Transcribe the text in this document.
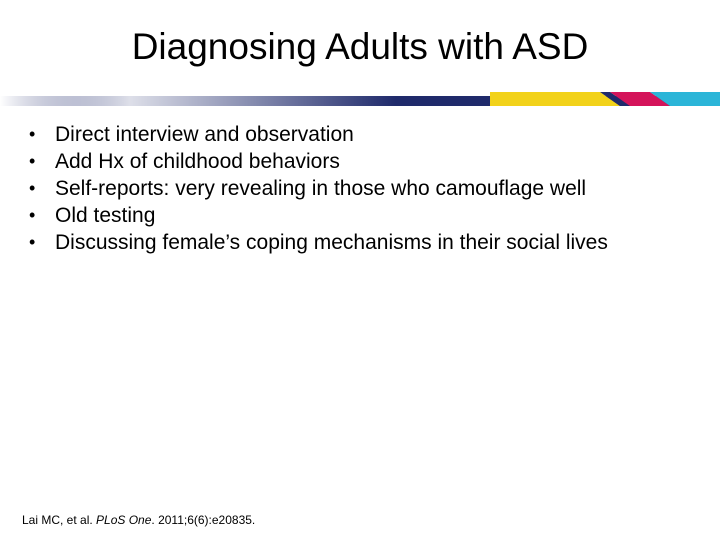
Diagnosing Adults with ASD
• Direct interview and observation
• Add Hx of childhood behaviors
• Self-reports: very revealing in those who camouflage well
• Old testing
• Discussing female’s coping mechanisms in their social lives
Lai MC, et al. PLoS One. 2011;6(6):e20835.
